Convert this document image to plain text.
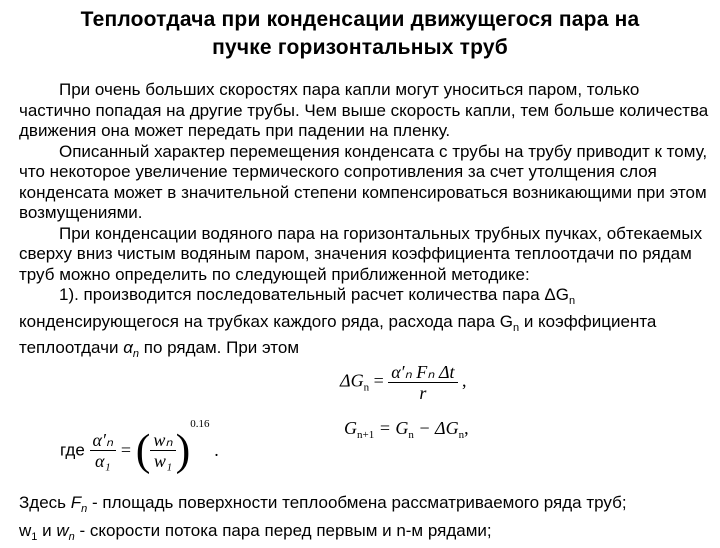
Теплоотдача при конденсации движущегося пара на
пучке горизонтальных труб

При очень больших скоростях пара капли могут уноситься паром, только частично попадая на другие трубы. Чем выше скорость капли, тем больше количества движения она может передать при падении на пленку.

Описанный характер перемещения конденсата с трубы на трубу приводит к тому, что некоторое увеличение термического сопротивления за счет утолщения слоя конденсата может в значительной степени компенсироваться возникающими при этом возмущениями.

При конденсации водяного пара на горизонтальных трубных пучках, обтекаемых сверху вниз чистым водяным паром, значения коэффициента теплоотдачи по рядам труб можно определить по следующей приближенной методике:

1). производится последовательный расчет количества пара $\Delta G_n$ конденсирующегося на трубках каждого ряда, расхода пара $G_n$ и коэффициента теплоотдачи $\alpha_n$ по рядам. При этом

$\Delta G_n = \frac{\text{α′ₙ Fₙ Δt}}{r}$ ,
$G_{n+1} = G_n - \Delta G_n$,
где $\frac{\text{α′ₙ}}{\text{α₁}}$ = ( $\frac{\text{wₙ}}{\text{w₁}} )^{0.16}$ .

Здесь $F_n$ - площадь поверхности теплообмена рассматриваемого ряда труб;

$w_1$ и $w_n$ - скорости потока пара перед первым и n-м рядами;
